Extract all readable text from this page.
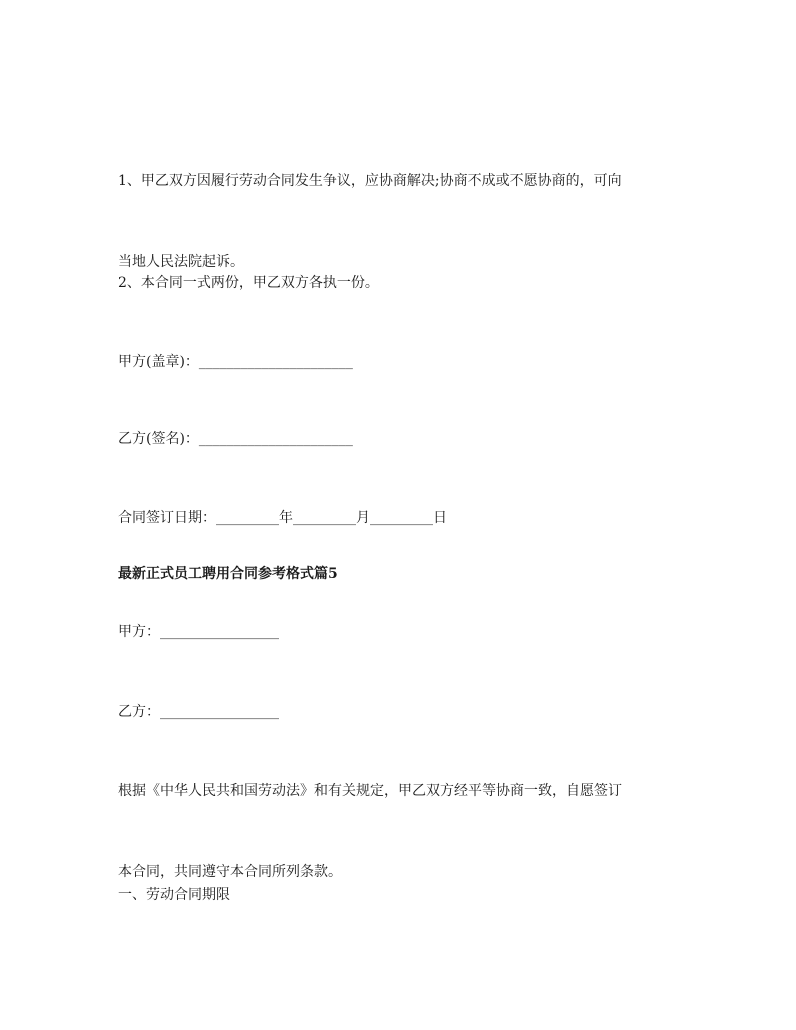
1、甲乙双方因履行劳动合同发生争议，应协商解决;协商不成或不愿协商的，可向

当地人民法院起诉。

2、本合同一式两份，甲乙双方各执一份。

甲方(盖章)：______________________

乙方(签名)：______________________

合同签订日期：_________年_________月_________日

最新正式员工聘用合同参考格式篇5

甲方：_________________

乙方：_________________

根据《中华人民共和国劳动法》和有关规定，甲乙双方经平等协商一致，自愿签订

本合同，共同遵守本合同所列条款。

一、劳动合同期限
